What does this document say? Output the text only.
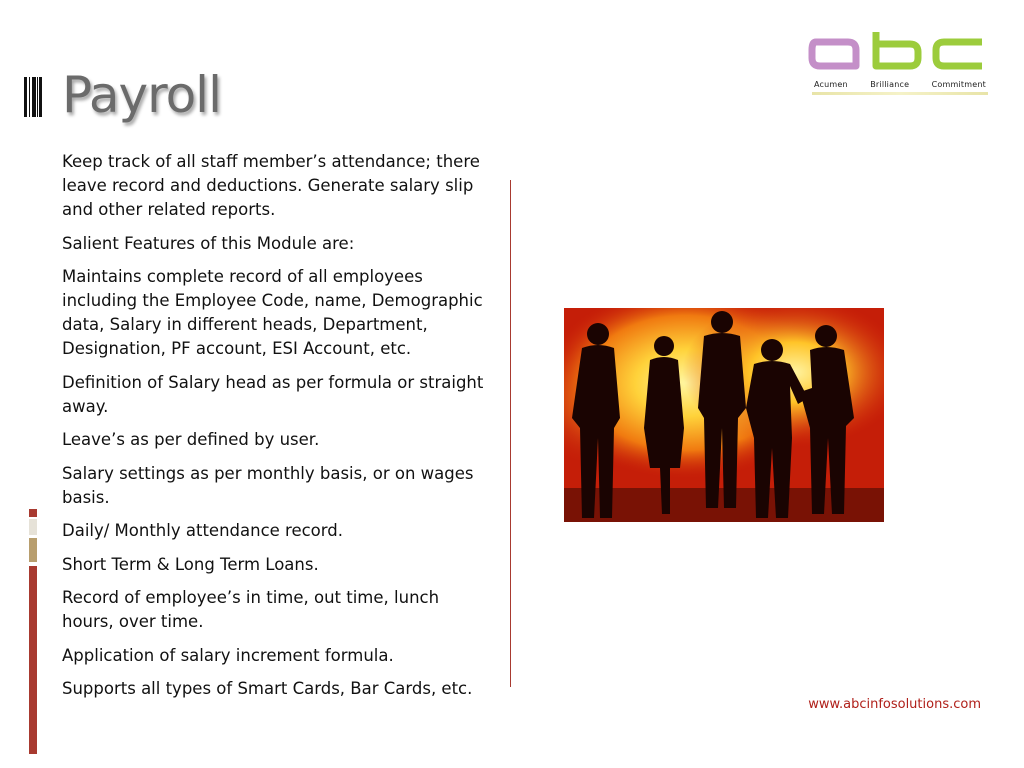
Payroll	Acumen	Brilliance	Commitment

Keep track of all staff member’s attendance; there leave record and deductions. Generate salary slip and other related reports.

Salient Features of this Module are:

Maintains complete record of all employees including the Employee Code, name, Demographic data, Salary in different heads, Department, Designation, PF account, ESI Account, etc.

Definition of Salary head as per formula or straight away.

Leave’s as per defined by user.

Salary settings as per monthly basis, or on wages basis.

Daily/ Monthly attendance record.

Short Term & Long Term Loans.

Record of employee’s in time, out time, lunch hours, over time.

Application of salary increment formula.

Supports all types of Smart Cards, Bar Cards, etc.

www.abcinfosolutions.com
